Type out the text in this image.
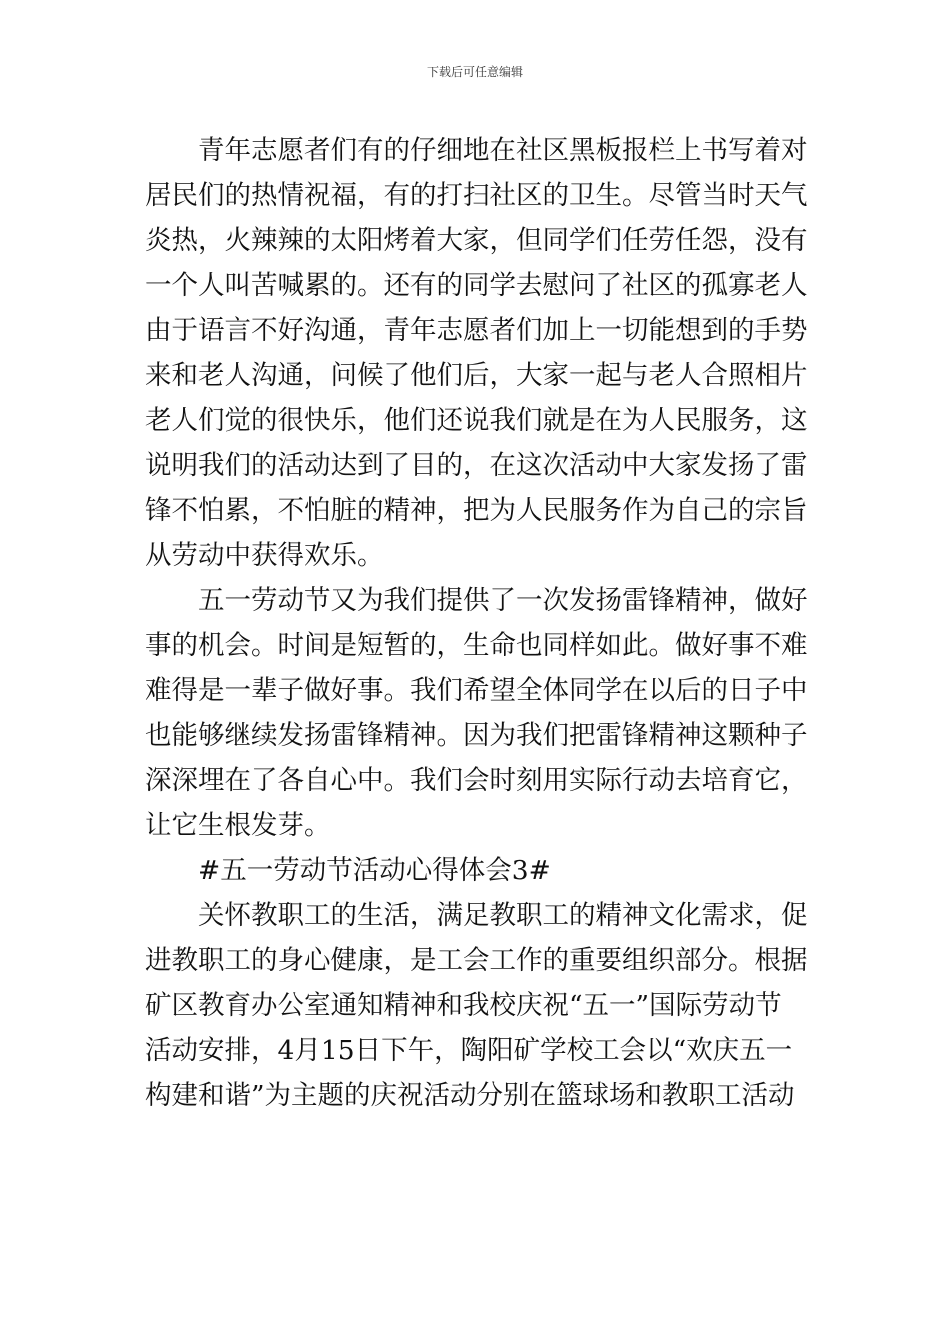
下载后可任意编辑
　　青年志愿者们有的仔细地在社区黑板报栏上书写着对
居民们的热情祝福，有的打扫社区的卫生。尽管当时天气
炎热，火辣辣的太阳烤着大家，但同学们任劳任怨，没有
一个人叫苦喊累的。还有的同学去慰问了社区的孤寡老人
由于语言不好沟通，青年志愿者们加上一切能想到的手势
来和老人沟通，问候了他们后，大家一起与老人合照相片
老人们觉的很快乐，他们还说我们就是在为人民服务，这
说明我们的活动达到了目的，在这次活动中大家发扬了雷
锋不怕累，不怕脏的精神，把为人民服务作为自己的宗旨
从劳动中获得欢乐。
　　五一劳动节又为我们提供了一次发扬雷锋精神，做好
事的机会。时间是短暂的，生命也同样如此。做好事不难
难得是一辈子做好事。我们希望全体同学在以后的日子中
也能够继续发扬雷锋精神。因为我们把雷锋精神这颗种子
深深埋在了各自心中。我们会时刻用实际行动去培育它，
让它生根发芽。
　　#五一劳动节活动心得体会3#
　　关怀教职工的生活，满足教职工的精神文化需求，促
进教职工的身心健康，是工会工作的重要组织部分。根据
矿区教育办公室通知精神和我校庆祝“五一”国际劳动节
活动安排，4月15日下午，陶阳矿学校工会以“欢庆五一
构建和谐”为主题的庆祝活动分别在篮球场和教职工活动
